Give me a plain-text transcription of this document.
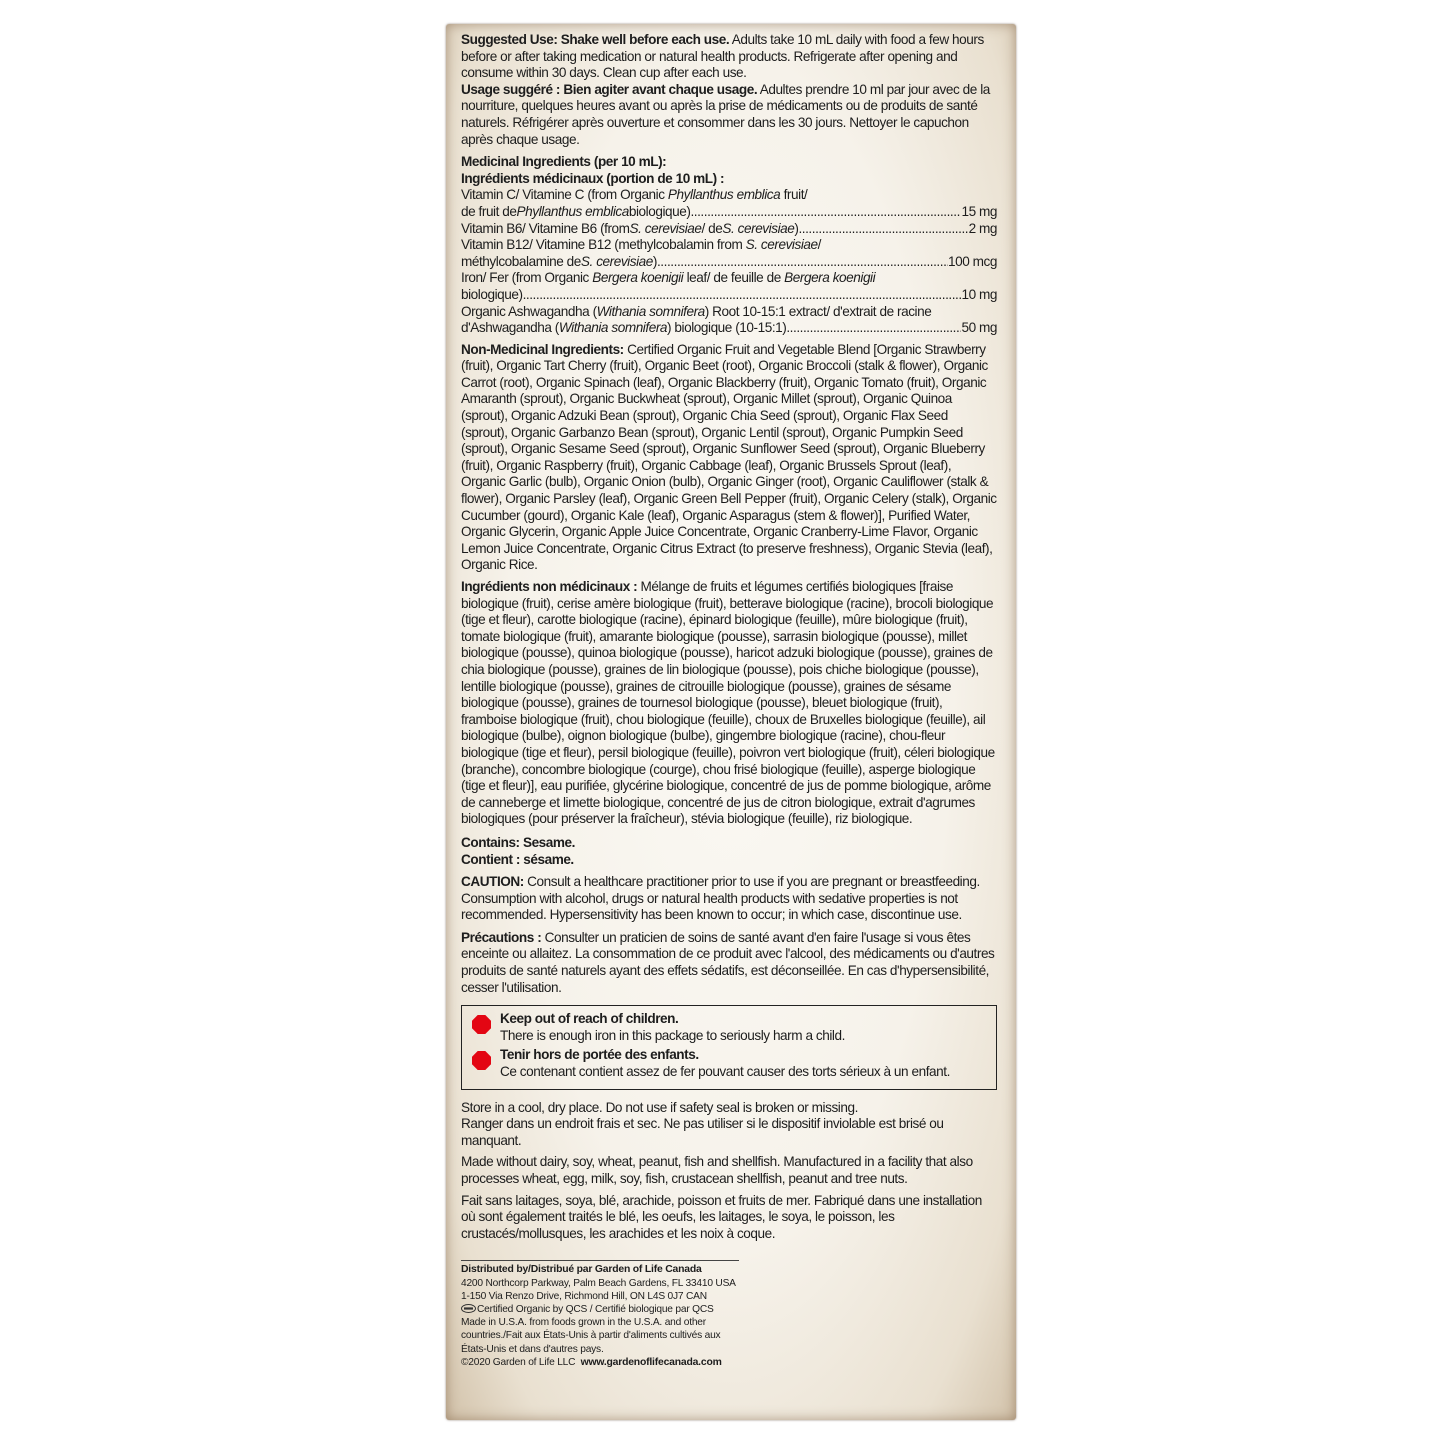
Suggested Use: Shake well before each use. Adults take 10 mL daily with food a few hours before or after taking medication or natural health products. Refrigerate after opening and consume within 30 days. Clean cup after each use.

Usage suggéré : Bien agiter avant chaque usage. Adultes prendre 10 ml par jour avec de la nourriture, quelques heures avant ou après la prise de médicaments ou de produits de santé naturels. Réfrigérer après ouverture et consommer dans les 30 jours. Nettoyer le capuchon après chaque usage.

Medicinal Ingredients (per 10 mL):

Ingrédients médicinaux (portion de 10 mL) :

Vitamin C/ Vitamine C (from Organic Phyllanthus emblica fruit/

de fruit de Phyllanthus emblica biologique) .....	15 mg
Vitamin B6/ Vitamine B6 (from S. cerevisiae / de S. cerevisiae ) .....	2 mg

Vitamin B12/ Vitamine B12 (methylcobalamin from S. cerevisiae/

méthylcobalamine de S. cerevisiae ) .....	100 mcg

Iron/ Fer (from Organic Bergera koenigii leaf/ de feuille de Bergera koenigii

biologique) .....	10 mg

Organic Ashwagandha (Withania somnifera) Root 10-15:1 extract/ d'extrait de racine

d'Ashwagandha ( Withania somnifera ) biologique (10-15:1) .....	50 mg

Non-Medicinal Ingredients: Certified Organic Fruit and Vegetable Blend [Organic Strawberry (fruit), Organic Tart Cherry (fruit), Organic Beet (root), Organic Broccoli (stalk & flower), Organic Carrot (root), Organic Spinach (leaf), Organic Blackberry (fruit), Organic Tomato (fruit), Organic Amaranth (sprout), Organic Buckwheat (sprout), Organic Millet (sprout), Organic Quinoa (sprout), Organic Adzuki Bean (sprout), Organic Chia Seed (sprout), Organic Flax Seed (sprout), Organic Garbanzo Bean (sprout), Organic Lentil (sprout), Organic Pumpkin Seed (sprout), Organic Sesame Seed (sprout), Organic Sunflower Seed (sprout), Organic Blueberry (fruit), Organic Raspberry (fruit), Organic Cabbage (leaf), Organic Brussels Sprout (leaf), Organic Garlic (bulb), Organic Onion (bulb), Organic Ginger (root), Organic Cauliflower (stalk & flower), Organic Parsley (leaf), Organic Green Bell Pepper (fruit), Organic Celery (stalk), Organic Cucumber (gourd), Organic Kale (leaf), Organic Asparagus (stem & flower)], Purified Water, Organic Glycerin, Organic Apple Juice Concentrate, Organic Cranberry-Lime Flavor, Organic Lemon Juice Concentrate, Organic Citrus Extract (to preserve freshness), Organic Stevia (leaf), Organic Rice.

Ingrédients non médicinaux : Mélange de fruits et légumes certifiés biologiques [fraise biologique (fruit), cerise amère biologique (fruit), betterave biologique (racine), brocoli biologique (tige et fleur), carotte biologique (racine), épinard biologique (feuille), mûre biologique (fruit), tomate biologique (fruit), amarante biologique (pousse), sarrasin biologique (pousse), millet biologique (pousse), quinoa biologique (pousse), haricot adzuki biologique (pousse), graines de chia biologique (pousse), graines de lin biologique (pousse), pois chiche biologique (pousse), lentille biologique (pousse), graines de citrouille biologique (pousse), graines de sésame biologique (pousse), graines de tournesol biologique (pousse), bleuet biologique (fruit), framboise biologique (fruit), chou biologique (feuille), choux de Bruxelles biologique (feuille), ail biologique (bulbe), oignon biologique (bulbe), gingembre biologique (racine), chou-fleur biologique (tige et fleur), persil biologique (feuille), poivron vert biologique (fruit), céleri biologique (branche), concombre biologique (courge), chou frisé biologique (feuille), asperge biologique (tige et fleur)], eau purifiée, glycérine biologique, concentré de jus de pomme biologique, arôme de canneberge et limette biologique, concentré de jus de citron biologique, extrait d'agrumes biologiques (pour préserver la fraîcheur), stévia biologique (feuille), riz biologique.

Contains: Sesame.

Contient : sésame.

CAUTION: Consult a healthcare practitioner prior to use if you are pregnant or breastfeeding. Consumption with alcohol, drugs or natural health products with sedative properties is not recommended. Hypersensitivity has been known to occur; in which case, discontinue use.

Précautions : Consulter un praticien de soins de santé avant d'en faire l'usage si vous êtes enceinte ou allaitez. La consommation de ce produit avec l'alcool, des médicaments ou d'autres produits de santé naturels ayant des effets sédatifs, est déconseillée. En cas d'hypersensibilité, cesser l'utilisation.

Keep out of reach of children.

There is enough iron in this package to seriously harm a child.

Tenir hors de portée des enfants.

Ce contenant contient assez de fer pouvant causer des torts sérieux à un enfant.

Store in a cool, dry place. Do not use if safety seal is broken or missing.

Ranger dans un endroit frais et sec. Ne pas utiliser si le dispositif inviolable est brisé ou manquant.

Made without dairy, soy, wheat, peanut, fish and shellfish. Manufactured in a facility that also processes wheat, egg, milk, soy, fish, crustacean shellfish, peanut and tree nuts.

Fait sans laitages, soya, blé, arachide, poisson et fruits de mer. Fabriqué dans une installation où sont également traités le blé, les oeufs, les laitages, le soya, le poisson, les crustacés/mollusques, les arachides et les noix à coque.

Distributed by/Distribué par Garden of Life Canada

4200 Northcorp Parkway, Palm Beach Gardens, FL 33410 USA

1-150 Via Renzo Drive, Richmond Hill, ON L4S 0J7 CAN

Certified Organic by QCS / Certifié biologique par QCS

Made in U.S.A. from foods grown in the U.S.A. and other countries./Fait aux États-Unis à partir d'aliments cultivés aux États-Unis et dans d'autres pays.

©2020 Garden of Life LLC www.gardenoflifecanada.com
